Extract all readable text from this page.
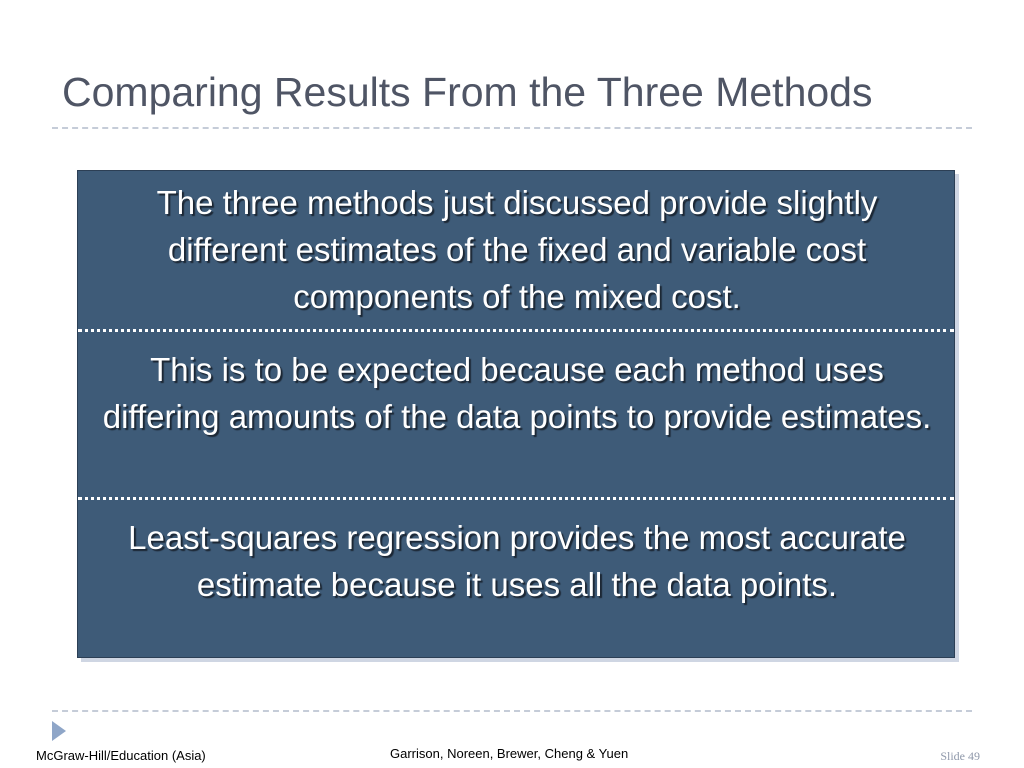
Comparing Results From the Three Methods
The three methods just discussed provide slightly different estimates of the fixed and variable cost components of the mixed cost.
This is to be expected because each method uses differing amounts of the data points to provide estimates.
Least-squares regression provides the most accurate estimate because it uses all the data points.
McGraw-Hill/Education (Asia)	Garrison, Noreen, Brewer, Cheng & Yuen	Slide 49
